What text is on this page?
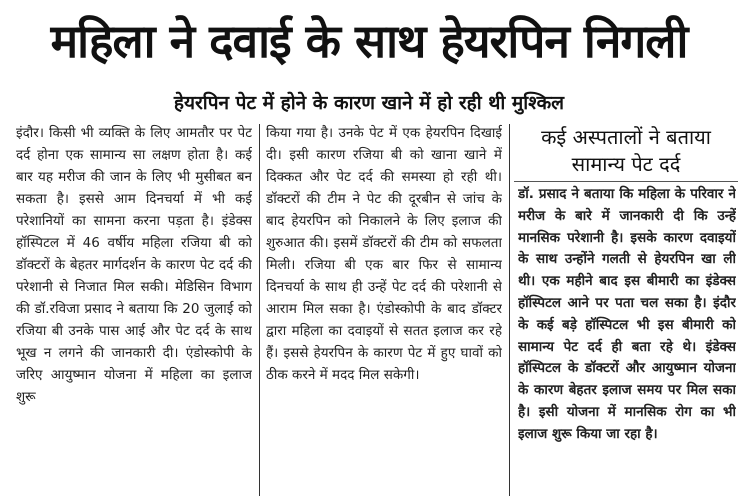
महिला ने दवाई के साथ हेयरपिन निगली
हेयरपिन पेट में होने के कारण खाने में हो रही थी मुश्किल

इंदौर। किसी भी व्यक्ति के लिए आमतौर पर पेट दर्द होना एक सामान्य सा लक्षण होता है। कई बार यह मरीज की जान के लिए भी मुसीबत बन सकता है। इससे आम दिनचर्या में भी कई परेशानियों का सामना करना पड़ता है। इंडेक्स हॉस्पिटल में 46 वर्षीय महिला रजिया बी को डॉक्टरों के बेहतर मार्गदर्शन के कारण पेट दर्द की परेशानी से निजात मिल सकी। मेडिसिन विभाग की डॉ.रविजा प्रसाद ने बताया कि 20 जुलाई को रजिया बी उनके पास आई और पेट दर्द के साथ भूख न लगने की जानकारी दी। एंडोस्कोपी के जरिए आयुष्मान योजना में महिला का इलाज शुरू

किया गया है। उनके पेट में एक हेयरपिन दिखाई दी। इसी कारण रजिया बी को खाना खाने में दिक्कत और पेट दर्द की समस्या हो रही थी। डॉक्टरों की टीम ने पेट की दूरबीन से जांच के बाद हेयरपिन को निकालने के लिए इलाज की शुरुआत की। इसमें डॉक्टरों की टीम को सफलता मिली। रजिया बी एक बार फिर से सामान्य दिनचर्या के साथ ही उन्हें पेट दर्द की परेशानी से आराम मिल सका है। एंडोस्कोपी के बाद डॉक्टर द्वारा महिला का दवाइयों से सतत इलाज कर रहे हैं। इससे हेयरपिन के कारण पेट में हुए घावों को ठीक करने में मदद मिल सकेगी।

कई अस्पतालों ने बताया सामान्य पेट दर्द

डॉ. प्रसाद ने बताया कि महिला के परिवार ने मरीज के बारे में जानकारी दी कि उन्हें मानसिक परेशानी है। इसके कारण दवाइयों के साथ उन्होंने गलती से हेयरपिन खा ली थी। एक महीने बाद इस बीमारी का इंडेक्स हॉस्पिटल आने पर पता चल सका है। इंदौर के कई बड़े हॉस्पिटल भी इस बीमारी को सामान्य पेट दर्द ही बता रहे थे। इंडेक्स हॉस्पिटल के डॉक्टरों और आयुष्मान योजना के कारण बेहतर इलाज समय पर मिल सका है। इसी योजना में मानसिक रोग का भी इलाज शुरू किया जा रहा है।
